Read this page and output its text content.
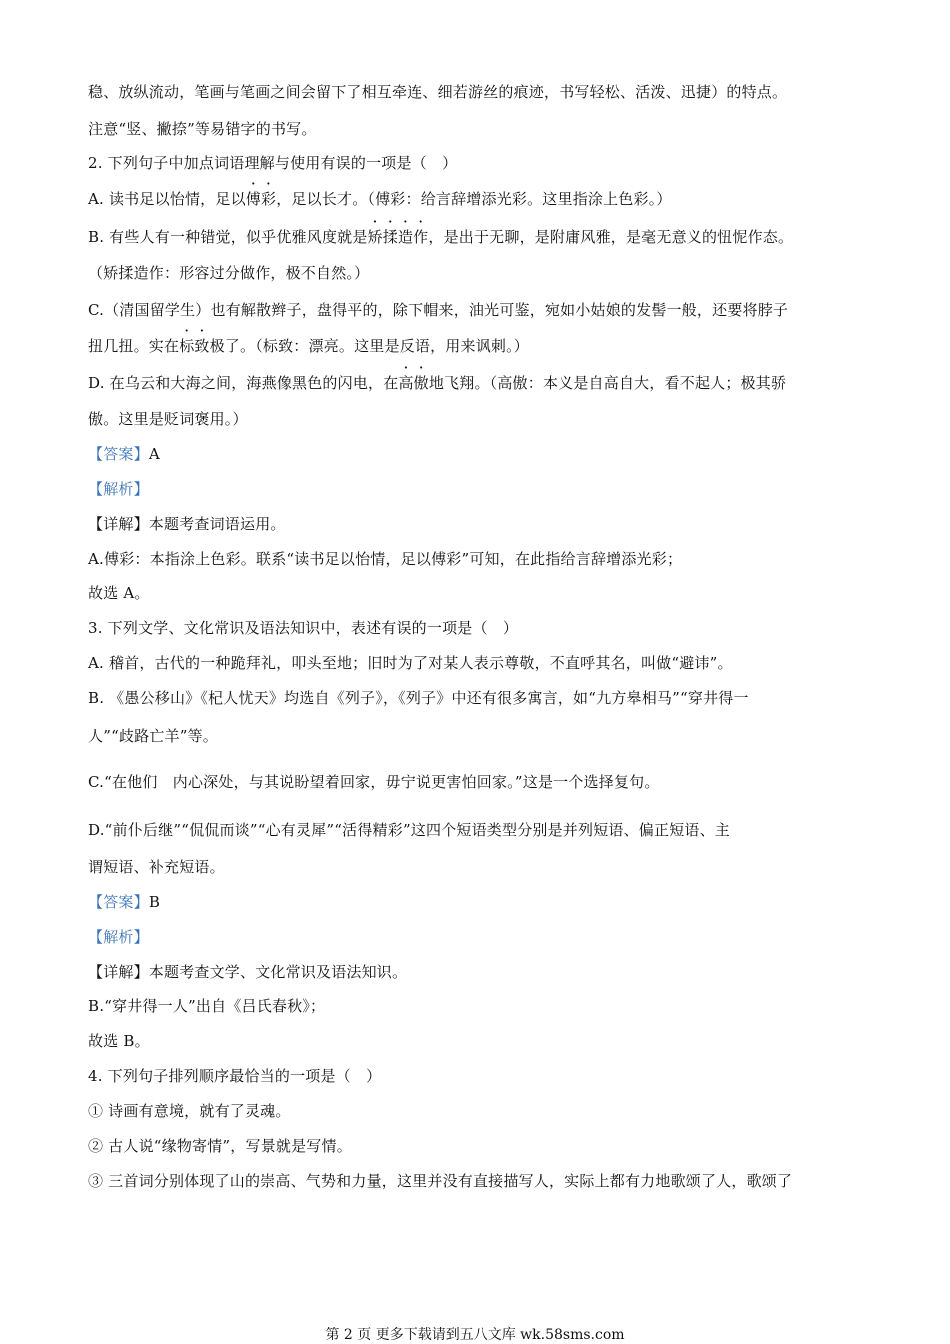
稳、放纵流动，笔画与笔画之间会留下了相互牵连、细若游丝的痕迹，书写轻松、活泼、迅捷）的特点。
注意“竖、撇捺”等易错字的书写。
2. 下列句子中加点词语理解与使用有误的一项是（　）
A. 读书足以怡情，足以傅彩，足以长才。（傅彩：给言辞增添光彩。这里指涂上色彩。）
B. 有些人有一种错觉，似乎优雅风度就是矫揉造作，是出于无聊，是附庸风雅，是毫无意义的忸怩作态。
（矫揉造作：形容过分做作，极不自然。）
C.（清国留学生）也有解散辫子，盘得平的，除下帽来，油光可鉴，宛如小姑娘的发髻一般，还要将脖子
扭几扭。实在标致极了。（标致：漂亮。这里是反语，用来讽刺。）
D. 在乌云和大海之间，海燕像黑色的闪电，在高傲地飞翔。（高傲：本义是自高自大，看不起人；极其骄
傲。这里是贬词褒用。）
【答案】A
【解析】
【详解】本题考查词语运用。
A.傅彩：本指涂上色彩。联系“读书足以怡情，足以傅彩”可知，在此指给言辞增添光彩；
故选 A。
3. 下列文学、文化常识及语法知识中，表述有误的一项是（　）
A. 稽首，古代的一种跪拜礼，叩头至地；旧时为了对某人表示尊敬，不直呼其名，叫做“避讳”。
B. 《愚公移山》《杞人忧天》均选自《列子》，《列子》中还有很多寓言，如“九方皋相马”“穿井得一
人”“歧路亡羊”等。
C.“在他们　内心深处，与其说盼望着回家，毋宁说更害怕回家。”这是一个选择复句。
D.“前仆后继”“侃侃而谈”“心有灵犀”“活得精彩”这四个短语类型分别是并列短语、偏正短语、主
谓短语、补充短语。
【答案】B
【解析】
【详解】本题考查文学、文化常识及语法知识。
B.“穿井得一人”出自《吕氏春秋》；
故选 B。
4. 下列句子排列顺序最恰当的一项是（　）
① 诗画有意境，就有了灵魂。
② 古人说“缘物寄情”，写景就是写情。
③ 三首词分别体现了山的崇高、气势和力量，这里并没有直接描写人，实际上都有力地歌颂了人，歌颂了
第 2 页 更多下载请到五八文库 wk.58sms.com
